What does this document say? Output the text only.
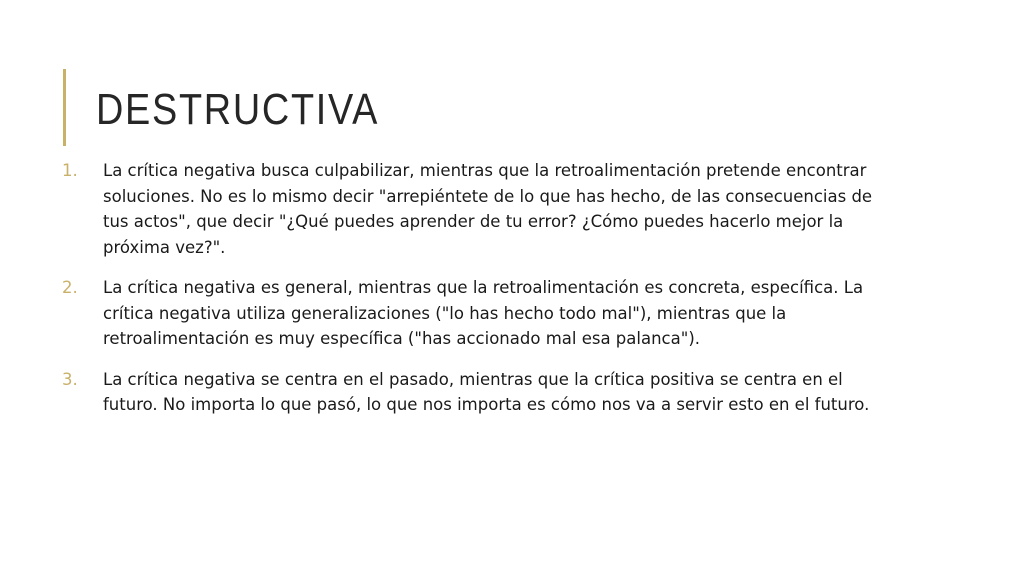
DESTRUCTIVA
1. La crítica negativa busca culpabilizar, mientras que la retroalimentación pretende encontrar soluciones. No es lo mismo decir "arrepiéntete de lo que has hecho, de las consecuencias de tus actos", que decir "¿Qué puedes aprender de tu error? ¿Cómo puedes hacerlo mejor la próxima vez?".
2. La crítica negativa es general, mientras que la retroalimentación es concreta, específica. La crítica negativa utiliza generalizaciones ("lo has hecho todo mal"), mientras que la retroalimentación es muy específica ("has accionado mal esa palanca").
3. La crítica negativa se centra en el pasado, mientras que la crítica positiva se centra en el futuro. No importa lo que pasó, lo que nos importa es cómo nos va a servir esto en el futuro.
